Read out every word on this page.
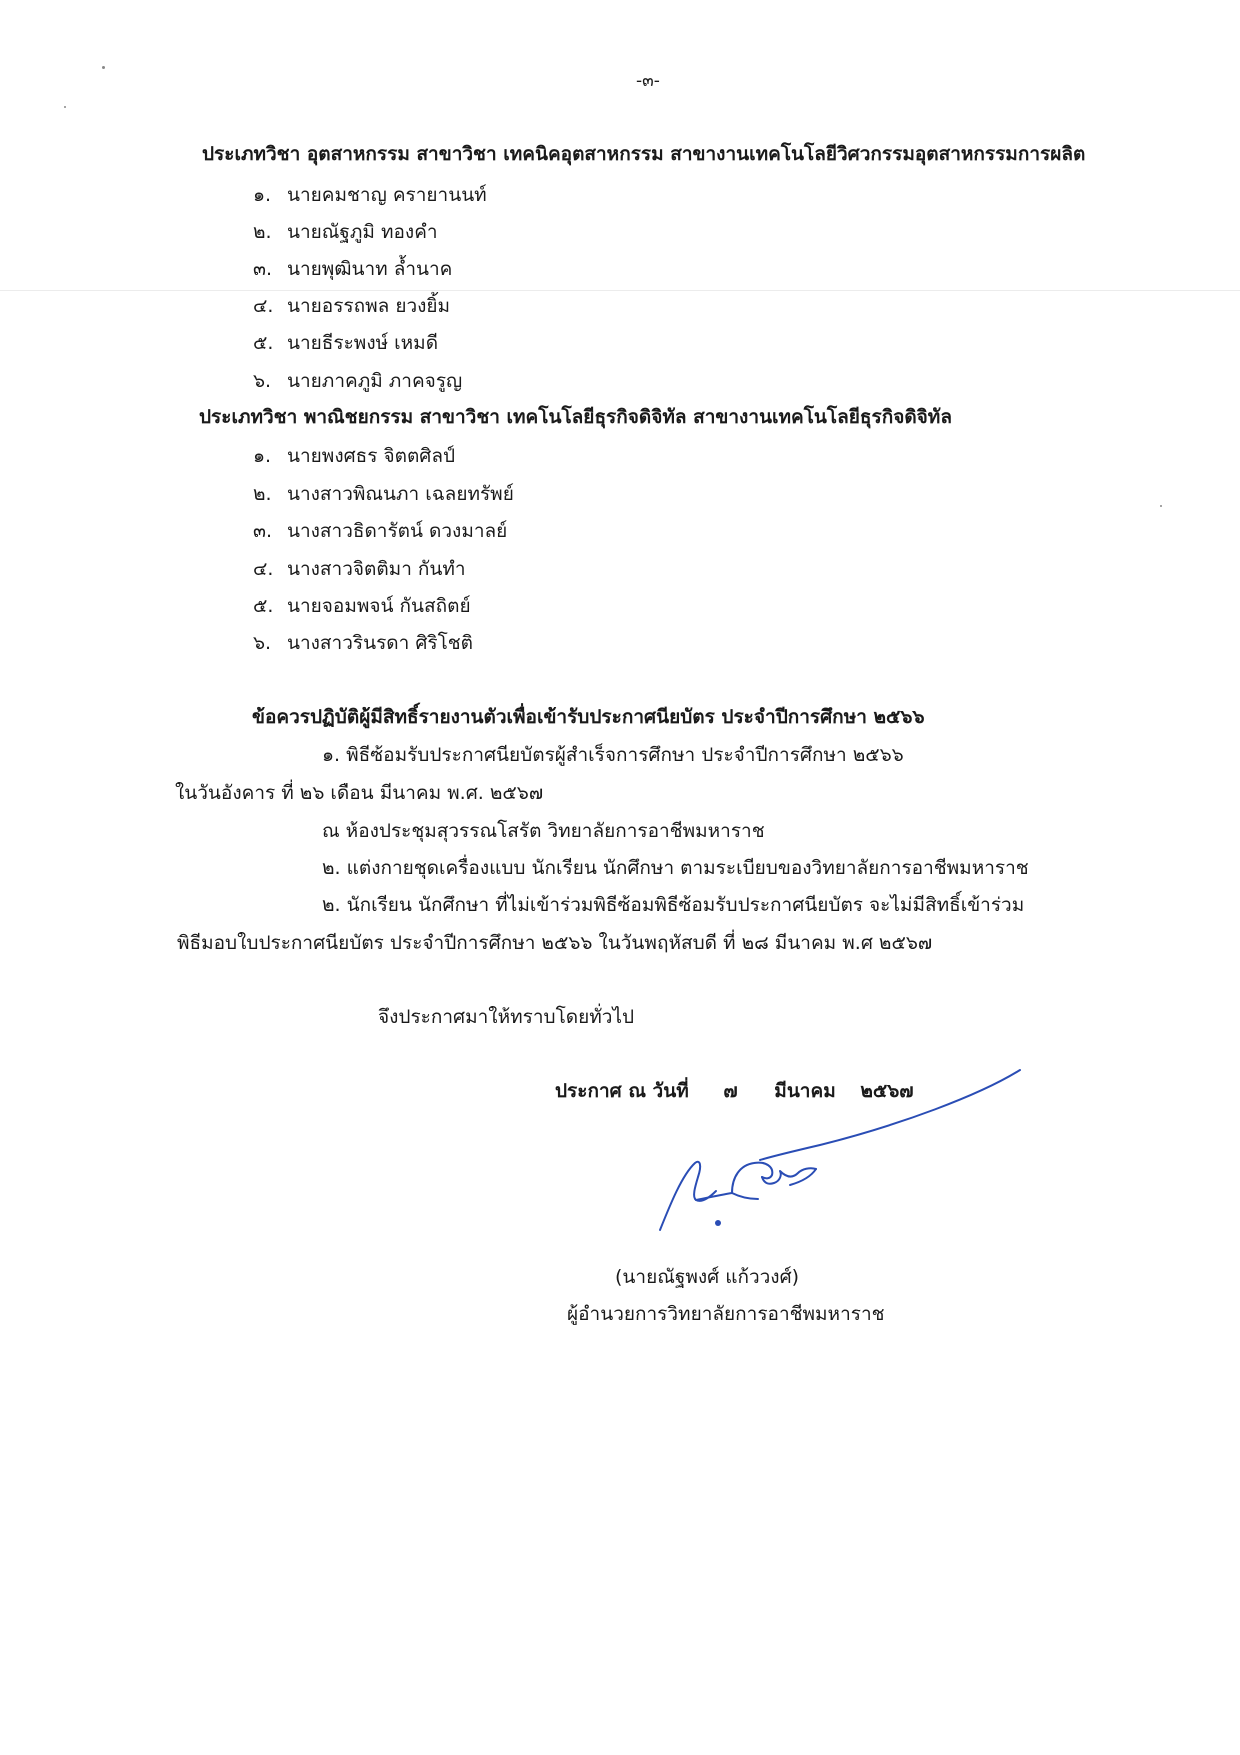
-๓-
ประเภทวิชา อุตสาหกรรม สาขาวิชา เทคนิคอุตสาหกรรม สาขางานเทคโนโลยีวิศวกรรมอุตสาหกรรมการผลิต
๑. นายคมชาญ ครายานนท์
๒. นายณัฐภูมิ ทองคำ
๓. นายพุฒินาท ล้ำนาค
๔. นายอรรถพล ยวงยิ้ม
๕. นายธีระพงษ์ เหมดี
๖. นายภาคภูมิ ภาคจรูญ
ประเภทวิชา พาณิชยกรรม สาขาวิชา เทคโนโลยีธุรกิจดิจิทัล สาขางานเทคโนโลยีธุรกิจดิจิทัล
๑. นายพงศธร จิตตศิลป์
๒. นางสาวพิณนภา เฉลยทรัพย์
๓. นางสาวธิดารัตน์ ดวงมาลย์
๔. นางสาวจิตติมา กันทำ
๕. นายจอมพจน์ กันสถิตย์
๖. นางสาวรินรดา ศิริโชติ
ข้อควรปฏิบัติผู้มีสิทธิ์รายงานตัวเพื่อเข้ารับประกาศนียบัตร ประจำปีการศึกษา ๒๕๖๖
๑. พิธีซ้อมรับประกาศนียบัตรผู้สำเร็จการศึกษา ประจำปีการศึกษา ๒๕๖๖
ในวันอังคาร ที่ ๒๖ เดือน มีนาคม พ.ศ. ๒๕๖๗
ณ ห้องประชุมสุวรรณโสรัต วิทยาลัยการอาชีพมหาราช
๒. แต่งกายชุดเครื่องแบบ นักเรียน นักศึกษา ตามระเบียบของวิทยาลัยการอาชีพมหาราช
๒. นักเรียน นักศึกษา ที่ไม่เข้าร่วมพิธีซ้อมพิธีซ้อมรับประกาศนียบัตร จะไม่มีสิทธิ์เข้าร่วม
พิธีมอบใบประกาศนียบัตร ประจำปีการศึกษา ๒๕๖๖ ในวันพฤหัสบดี ที่ ๒๘ มีนาคม พ.ศ ๒๕๖๗
จึงประกาศมาให้ทราบโดยทั่วไป
ประกาศ ณ วันที่ ๗ มีนาคม ๒๕๖๗
(นายณัฐพงศ์ แก้ววงศ์)
ผู้อำนวยการวิทยาลัยการอาชีพมหาราช
